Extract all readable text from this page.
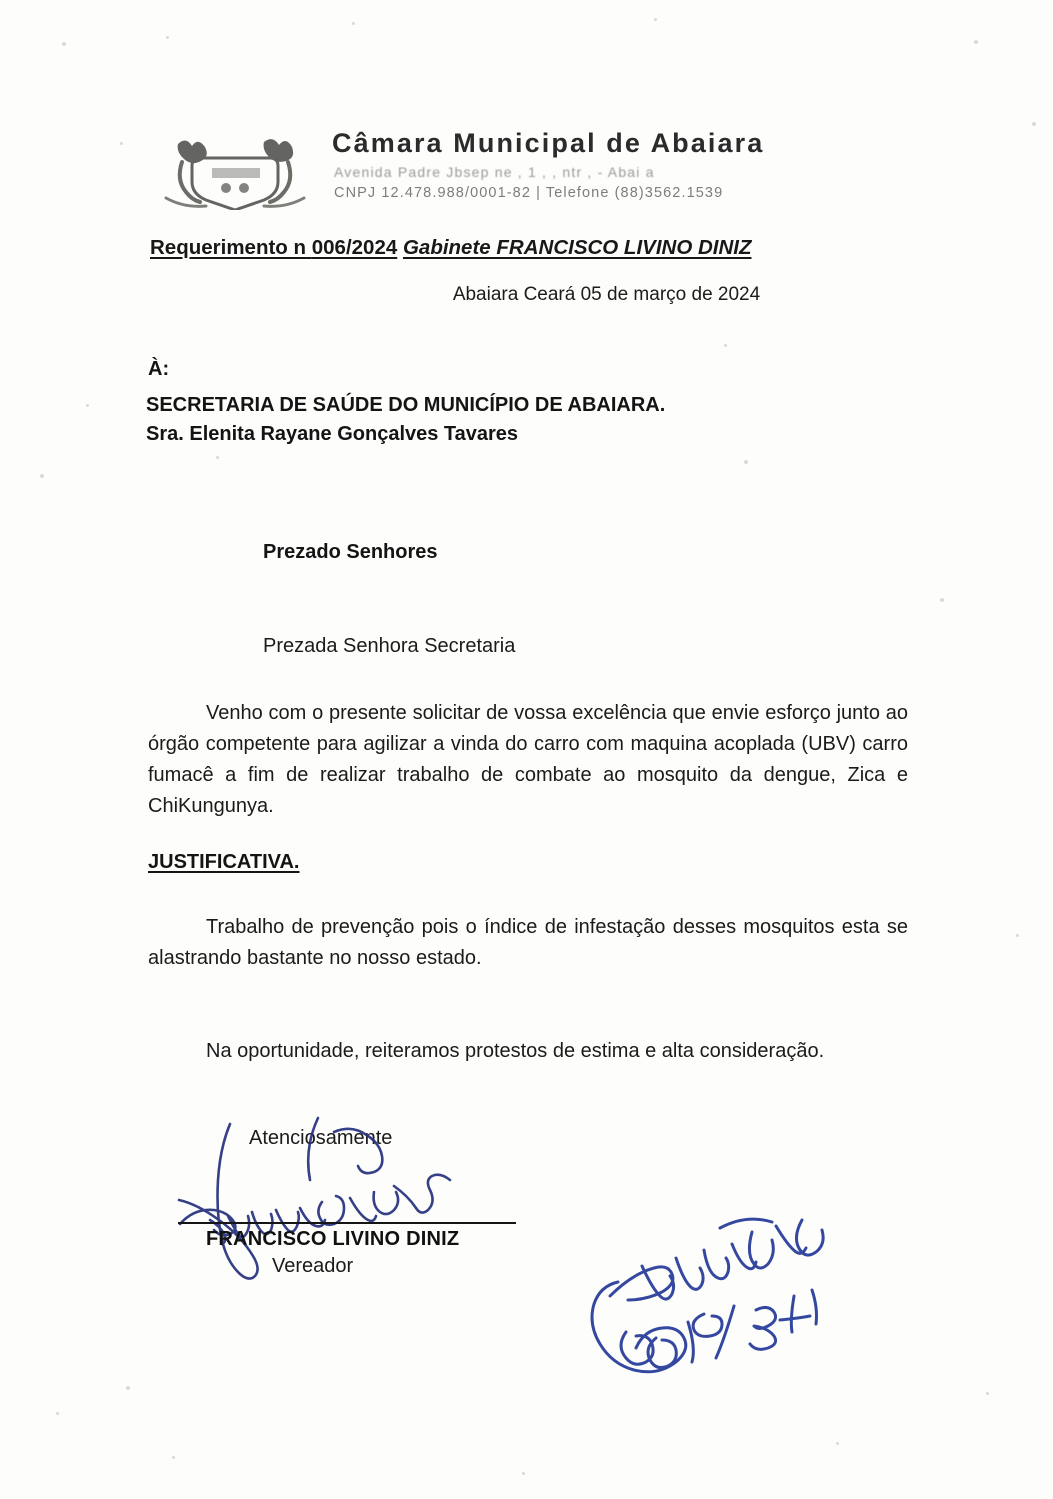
Câmara Municipal de Abaiara
Avenida Padre Jbsep ne , 1 , , ntr , - Abai a
CNPJ 12.478.988/0001-82 | Telefone (88)3562.1539
Requerimento n 006/2024 Gabinete FRANCISCO LIVINO DINIZ
Abaiara Ceará 05 de março de 2024
À:
SECRETARIA DE SAÚDE DO MUNICÍPIO DE ABAIARA.
Sra. Elenita Rayane Gonçalves Tavares
Prezado Senhores
Prezada Senhora Secretaria
Venho com o presente solicitar de vossa excelência que envie esforço junto ao órgão competente para agilizar a vinda do carro com maquina acoplada (UBV) carro fumacê a fim de realizar trabalho de combate ao mosquito da dengue, Zica e ChiKungunya.
JUSTIFICATIVA.
Trabalho de prevenção pois o índice de infestação desses mosquitos esta se alastrando bastante no nosso estado.
Na oportunidade, reiteramos protestos de estima e alta consideração.
Atenciosamente
FRANCISCO LIVINO DINIZ
Vereador
